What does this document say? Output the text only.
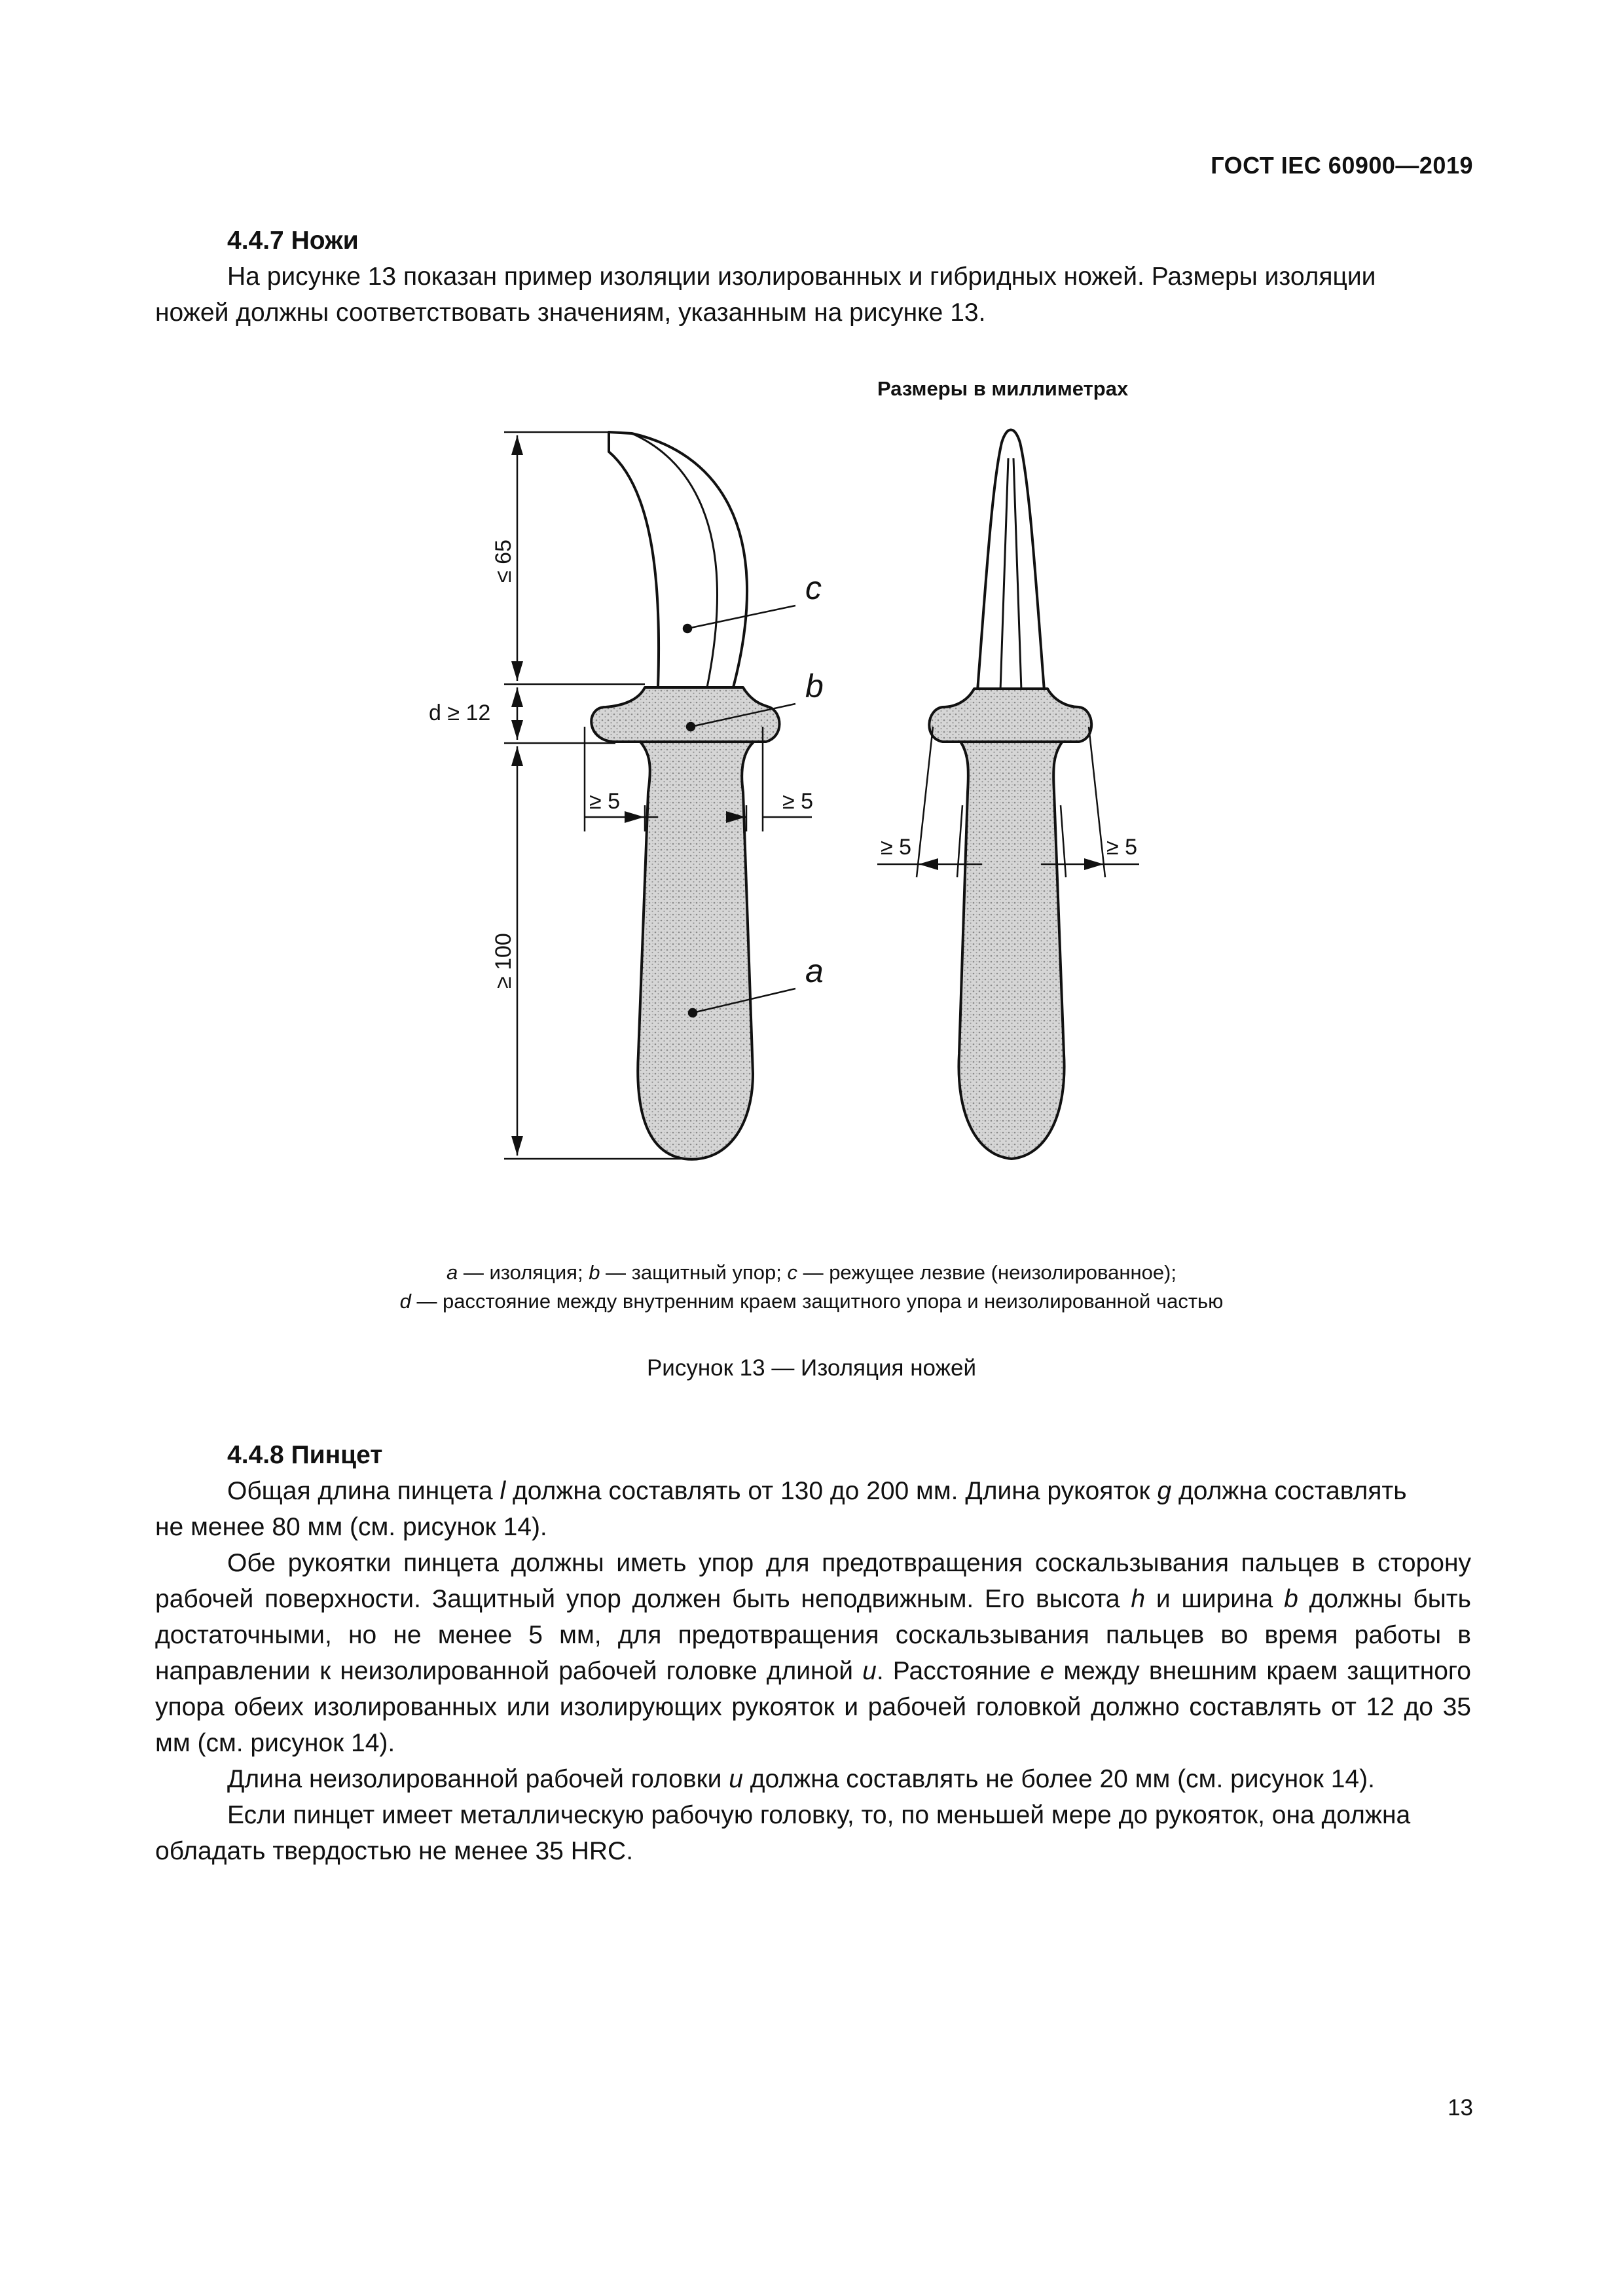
ГОСТ IEC 60900—2019

4.4.7 Ножи

На рисунке 13 показан пример изоляции изолированных и гибридных ножей. Размеры изоляции

ножей должны соответствовать значениям, указанным на рисунке 13.

Размеры в миллиметрах
c
b
a
≤ 65
d ≥ 12
≥ 100
≥ 5	≥ 5
≥ 5	≥ 5
a — изоляция; b — защитный упор; c — режущее лезвие (неизолированное);
d — расстояние между внутренним краем защитного упора и неизолированной частью
Рисунок 13 — Изоляция ножей

4.4.8 Пинцет

Общая длина пинцета l должна составлять от 130 до 200 мм. Длина рукояток g должна составлять

не менее 80 мм (см. рисунок 14).

Обе рукоятки пинцета должны иметь упор для предотвращения соскальзывания пальцев в сторону рабочей поверхности. Защитный упор должен быть неподвижным. Его высота h и ширина b должны быть достаточными, но не менее 5 мм, для предотвращения соскальзывания пальцев во время работы в направлении к неизолированной рабочей головке длиной u. Расстояние e между внешним краем защитного упора обеих изолированных или изолирующих рукояток и рабочей головкой должно составлять от 12 до 35 мм (см. рисунок 14).

Длина неизолированной рабочей головки u должна составлять не более 20 мм (см. рисунок 14).

Если пинцет имеет металлическую рабочую головку, то, по меньшей мере до рукояток, она должна

обладать твердостью не менее 35 HRC.

13
